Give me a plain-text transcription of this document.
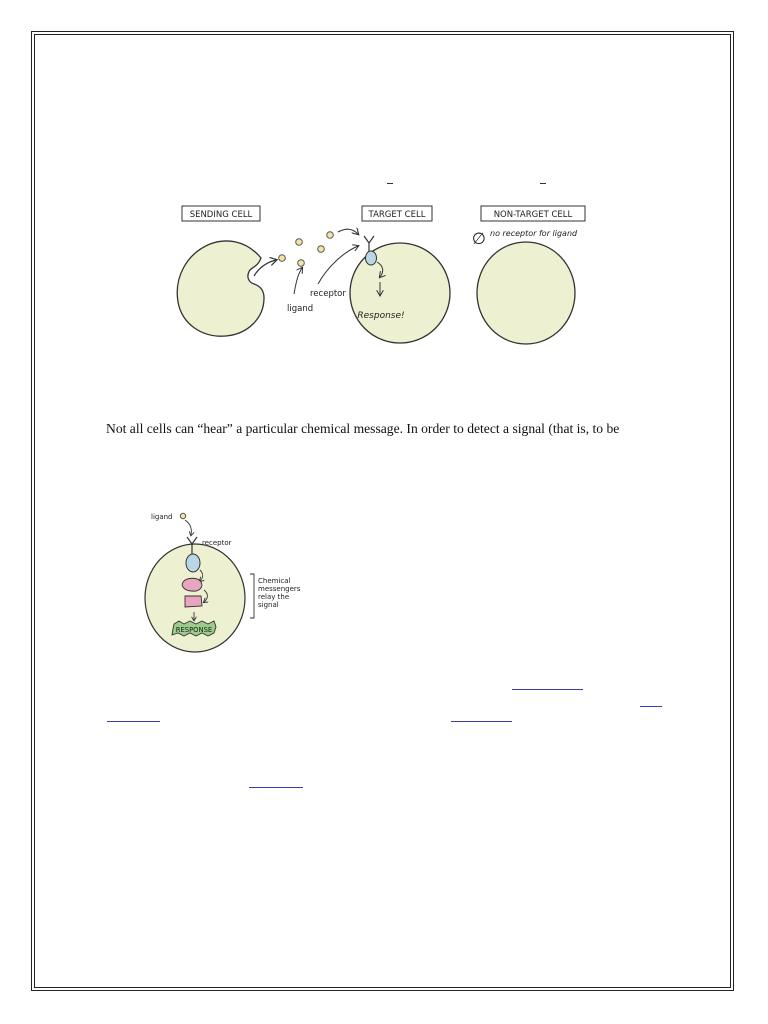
SENDING CELL	TARGET CELL	NON-TARGET CELL
∅ no receptor for ligand
ligand
receptor
Response!

Not all cells can “hear” a particular chemical message. In order to detect a signal (that is, to be

ligand
receptor
RESPONSE
Chemical messengers relay the signal
